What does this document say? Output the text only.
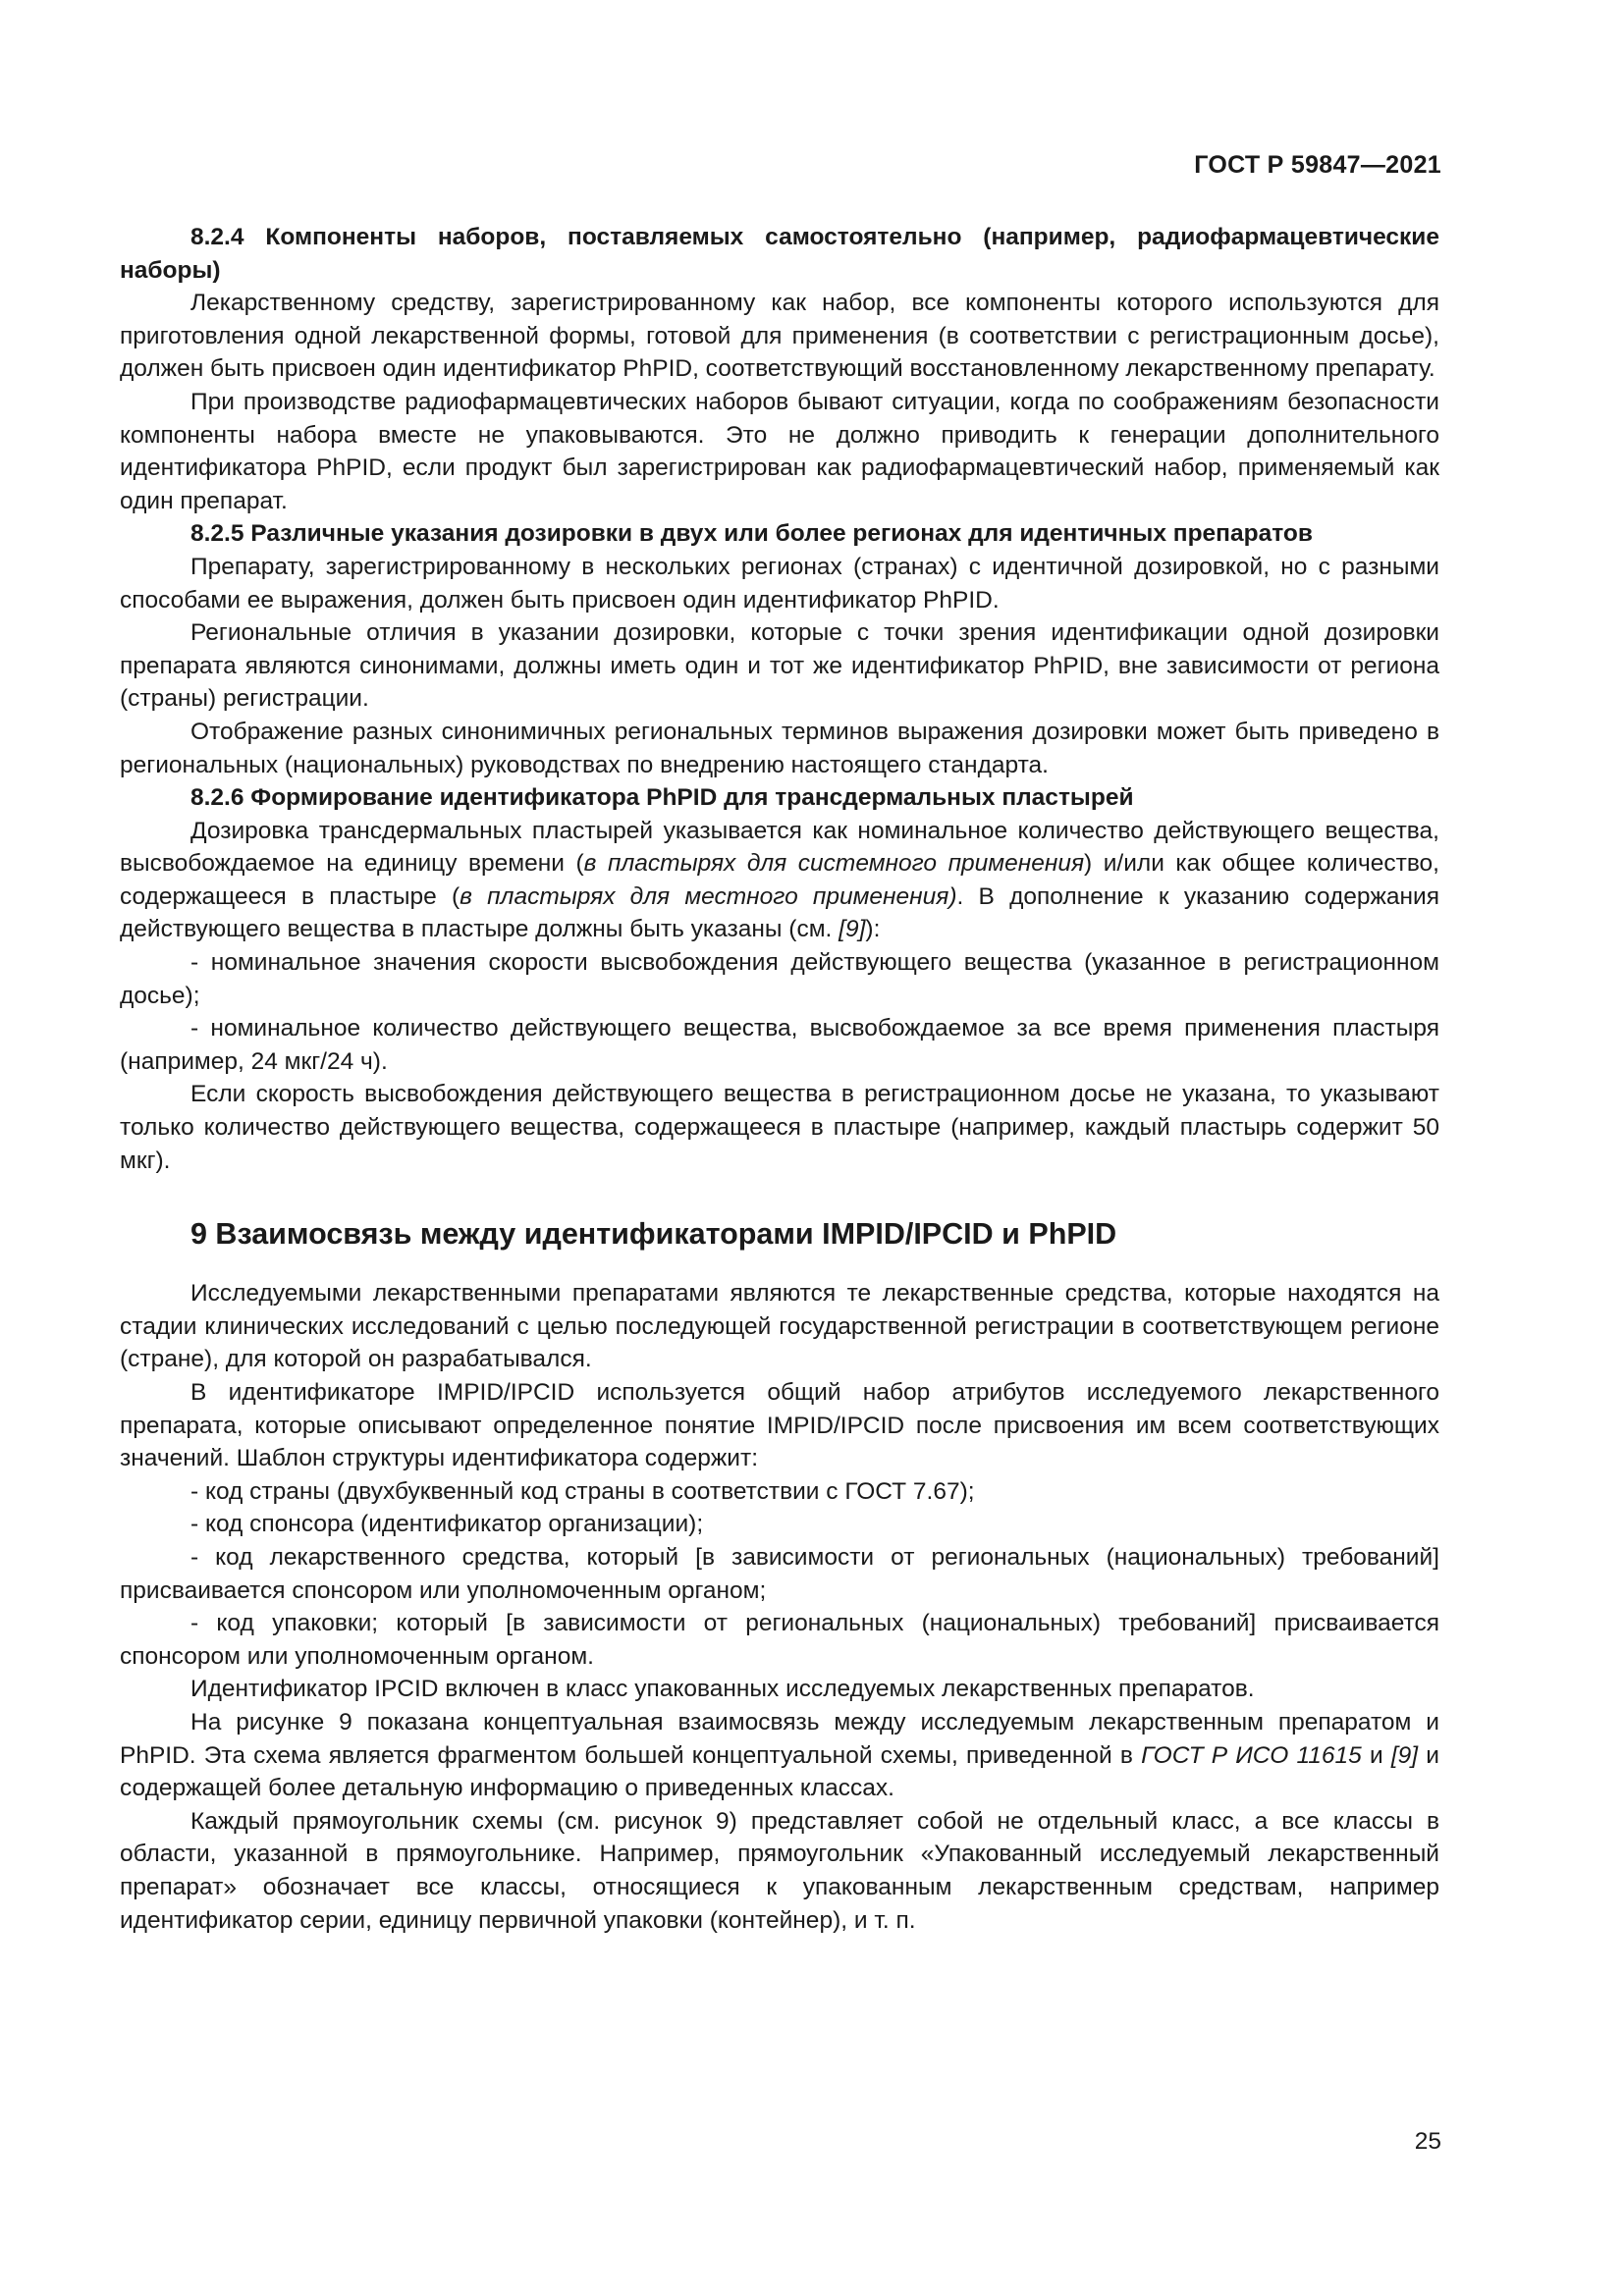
ГОСТ Р 59847—2021

8.2.4 Компоненты наборов, поставляемых самостоятельно (например, радиофармацевтические наборы)

Лекарственному средству, зарегистрированному как набор, все компоненты которого используются для приготовления одной лекарственной формы, готовой для применения (в соответствии с регистрационным досье), должен быть присвоен один идентификатор PhPID, соответствующий восстановленному лекарственному препарату.

При производстве радиофармацевтических наборов бывают ситуации, когда по соображениям безопасности компоненты набора вместе не упаковываются. Это не должно приводить к генерации дополнительного идентификатора PhPID, если продукт был зарегистрирован как радиофармацевтический набор, применяемый как один препарат.

8.2.5 Различные указания дозировки в двух или более регионах для идентичных препаратов

Препарату, зарегистрированному в нескольких регионах (странах) с идентичной дозировкой, но с разными способами ее выражения, должен быть присвоен один идентификатор PhPID.

Региональные отличия в указании дозировки, которые с точки зрения идентификации одной дозировки препарата являются синонимами, должны иметь один и тот же идентификатор PhPID, вне зависимости от региона (страны) регистрации.

Отображение разных синонимичных региональных терминов выражения дозировки может быть приведено в региональных (национальных) руководствах по внедрению настоящего стандарта.

8.2.6 Формирование идентификатора PhPID для трансдермальных пластырей

Дозировка трансдермальных пластырей указывается как номинальное количество действующего вещества, высвобождаемое на единицу времени (в пластырях для системного применения) и/или как общее количество, содержащееся в пластыре (в пластырях для местного применения). В дополнение к указанию содержания действующего вещества в пластыре должны быть указаны (см. [9]):

- номинальное значения скорости высвобождения действующего вещества (указанное в регистрационном досье);

- номинальное количество действующего вещества, высвобождаемое за все время применения пластыря (например, 24 мкг/24 ч).

Если скорость высвобождения действующего вещества в регистрационном досье не указана, то указывают только количество действующего вещества, содержащееся в пластыре (например, каждый пластырь содержит 50 мкг).

9 Взаимосвязь между идентификаторами IMPID/IPCID и PhPID

Исследуемыми лекарственными препаратами являются те лекарственные средства, которые находятся на стадии клинических исследований с целью последующей государственной регистрации в соответствующем регионе (стране), для которой он разрабатывался.

В идентификаторе IMPID/IPCID используется общий набор атрибутов исследуемого лекарственного препарата, которые описывают определенное понятие IMPID/IPCID после присвоения им всем соответствующих значений. Шаблон структуры идентификатора содержит:

- код страны (двухбуквенный код страны в соответствии с ГОСТ 7.67);

- код спонсора (идентификатор организации);

- код лекарственного средства, который [в зависимости от региональных (национальных) требований] присваивается спонсором или уполномоченным органом;

- код упаковки; который [в зависимости от региональных (национальных) требований] присваивается спонсором или уполномоченным органом.

Идентификатор IPCID включен в класс упакованных исследуемых лекарственных препаратов.

На рисунке 9 показана концептуальная взаимосвязь между исследуемым лекарственным препаратом и PhPID. Эта схема является фрагментом большей концептуальной схемы, приведенной в ГОСТ Р ИСО 11615 и [9] и содержащей более детальную информацию о приведенных классах.

Каждый прямоугольник схемы (см. рисунок 9) представляет собой не отдельный класс, а все классы в области, указанной в прямоугольнике. Например, прямоугольник «Упакованный исследуемый лекарственный препарат» обозначает все классы, относящиеся к упакованным лекарственным средствам, например идентификатор серии, единицу первичной упаковки (контейнер), и т. п.

25
